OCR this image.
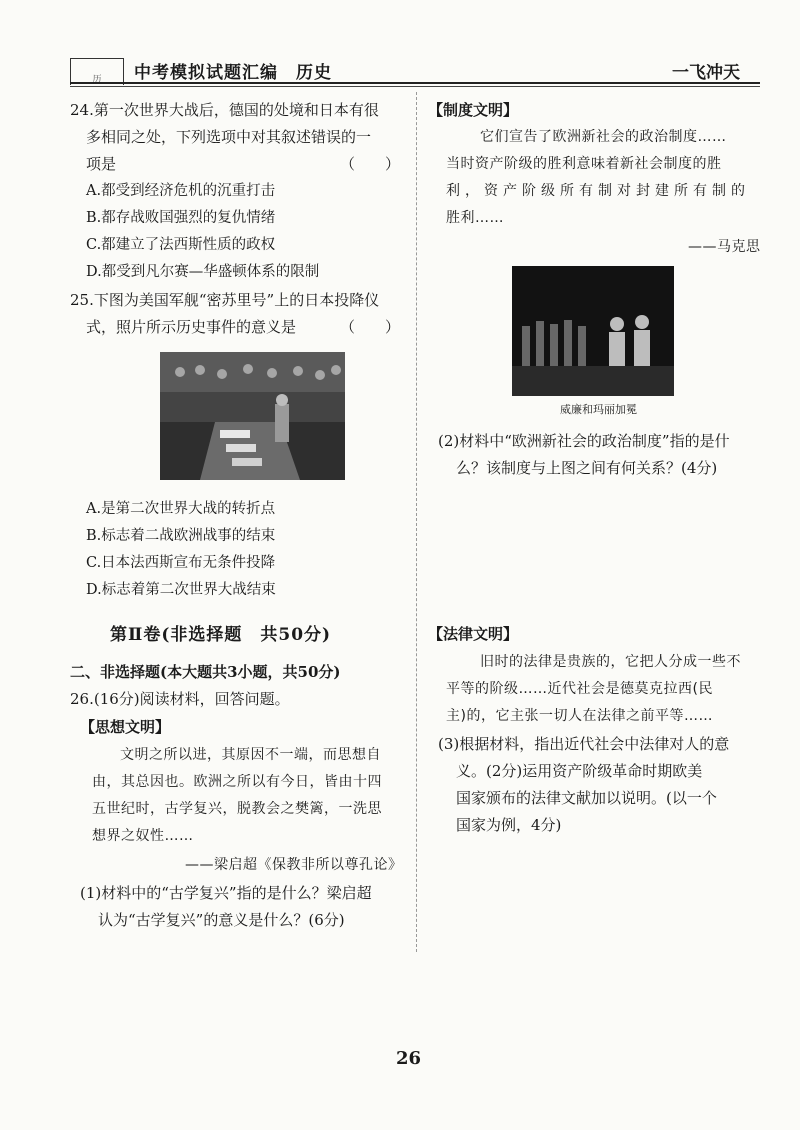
历 中考模拟试题汇编　历史	一飞冲天
24.第一次世界大战后，德国的处境和日本有很
多相同之处，下列选项中对其叙述错误的一
项是	（　　）
A.都受到经济危机的沉重打击
B.都存战败国强烈的复仇情绪
C.都建立了法西斯性质的政权
D.都受到凡尔赛—华盛顿体系的限制
25.下图为美国军舰“密苏里号”上的日本投降仪
式，照片所示历史事件的意义是	（　　）
A.是第二次世界大战的转折点
B.标志着二战欧洲战事的结束
C.日本法西斯宣布无条件投降
D.标志着第二次世界大战结束
第Ⅱ卷(非选择题　共50分)
二、非选择题(本大题共3小题，共50分)
26.(16分)阅读材料，回答问题。
【思想文明】
文明之所以进，其原因不一端，而思想自
由，其总因也。欧洲之所以有今日，皆由十四
五世纪时，古学复兴，脱教会之樊篱，一洗思
想界之奴性……
——梁启超《保教非所以尊孔论》
(1)材料中的“古学复兴”指的是什么？梁启超
认为“古学复兴”的意义是什么？(6分)
【制度文明】
它们宣告了欧洲新社会的政治制度……
当时资产阶级的胜利意味着新社会制度的胜
利，资产阶级所有制对封建所有制的
胜利……
——马克思
威廉和玛丽加冕
(2)材料中“欧洲新社会的政治制度”指的是什
么？该制度与上图之间有何关系？(4分)
【法律文明】
旧时的法律是贵族的，它把人分成一些不
平等的阶级……近代社会是德莫克拉西(民
主)的，它主张一切人在法律之前平等……
(3)根据材料，指出近代社会中法律对人的意
义。(2分)运用资产阶级革命时期欧美
国家颁布的法律文献加以说明。(以一个
国家为例，4分)
26
